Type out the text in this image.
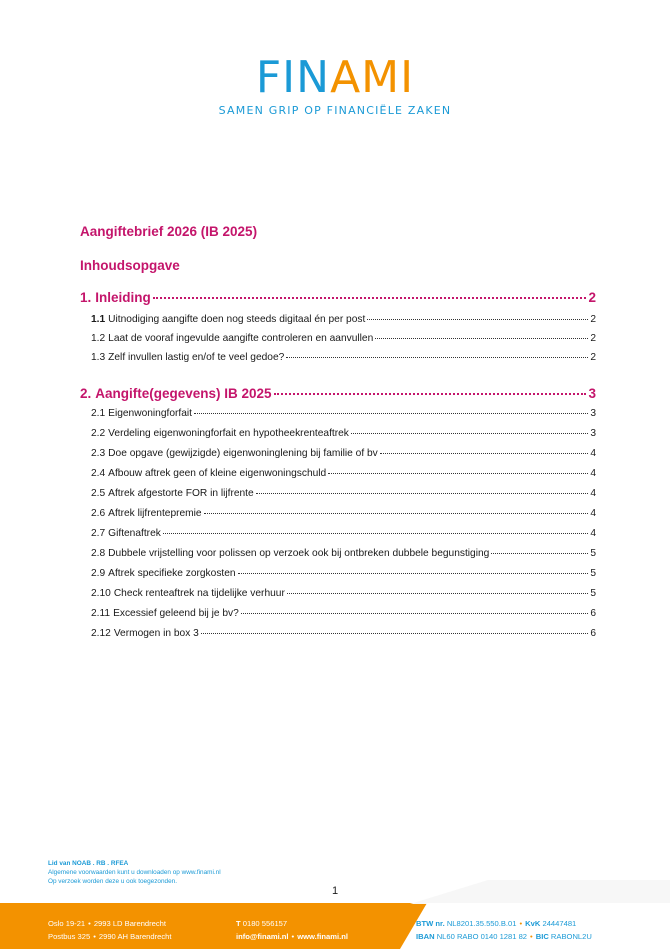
FINAMI
SAMEN GRIP OP FINANCIËLE ZAKEN
Aangiftebrief 2026 (IB 2025)
Inhoudsopgave
1. Inleiding	2
1.1 Uitnodiging aangifte doen nog steeds digitaal én per post	2
1.2 Laat de vooraf ingevulde aangifte controleren en aanvullen	2
1.3 Zelf invullen lastig en/of te veel gedoe?	2
2. Aangifte(gegevens) IB 2025	3
2.1 Eigenwoningforfait	3
2.2 Verdeling eigenwoningforfait en hypotheekrenteaftrek	3
2.3 Doe opgave (gewijzigde) eigenwoninglening bij familie of bv	4
2.4 Afbouw aftrek geen of kleine eigenwoningschuld	4
2.5 Aftrek afgestorte FOR in lijfrente	4
2.6 Aftrek lijfrentepremie	4
2.7 Giftenaftrek	4
2.8 Dubbele vrijstelling voor polissen op verzoek ook bij ontbreken dubbele begunstiging	5
2.9 Aftrek specifieke zorgkosten	5
2.10 Check renteaftrek na tijdelijke verhuur	5
2.11 Excessief geleend bij je bv?	6
2.12 Vermogen in box 3	6
Lid van NOAB . RB . RFEA
Algemene voorwaarden kunt u downloaden op www.finami.nl
Op verzoek worden deze u ook toegezonden.
1
Oslo 19-21 • 2993 LD Barendrecht
Postbus 325 • 2990 AH Barendrecht
T 0180 556157
info@finami.nl • www.finami.nl
BTW nr. NL8201.35.550.B.01 • KvK 24447481
IBAN NL60 RABO 0140 1281 82 • BIC RABONL2U
